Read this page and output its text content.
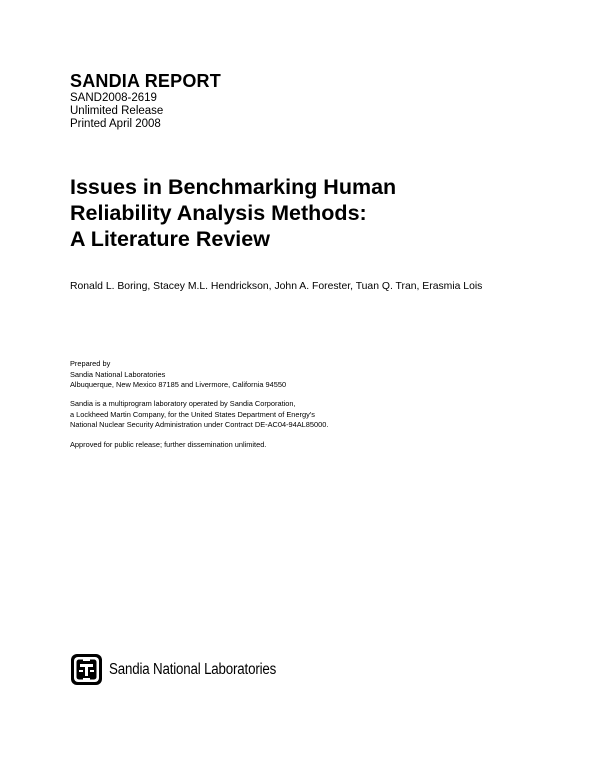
SANDIA REPORT
SAND2008-2619
Unlimited Release
Printed April 2008
Issues in Benchmarking Human
Reliability Analysis Methods:
A Literature Review
Ronald L. Boring, Stacey M.L. Hendrickson, John A. Forester, Tuan Q. Tran, Erasmia Lois
Prepared by
Sandia National Laboratories
Albuquerque, New Mexico 87185 and Livermore, California 94550
Sandia is a multiprogram laboratory operated by Sandia Corporation,
a Lockheed Martin Company, for the United States Department of Energy’s
National Nuclear Security Administration under Contract DE-AC04-94AL85000.
Approved for public release; further dissemination unlimited.
Sandia National Laboratories
